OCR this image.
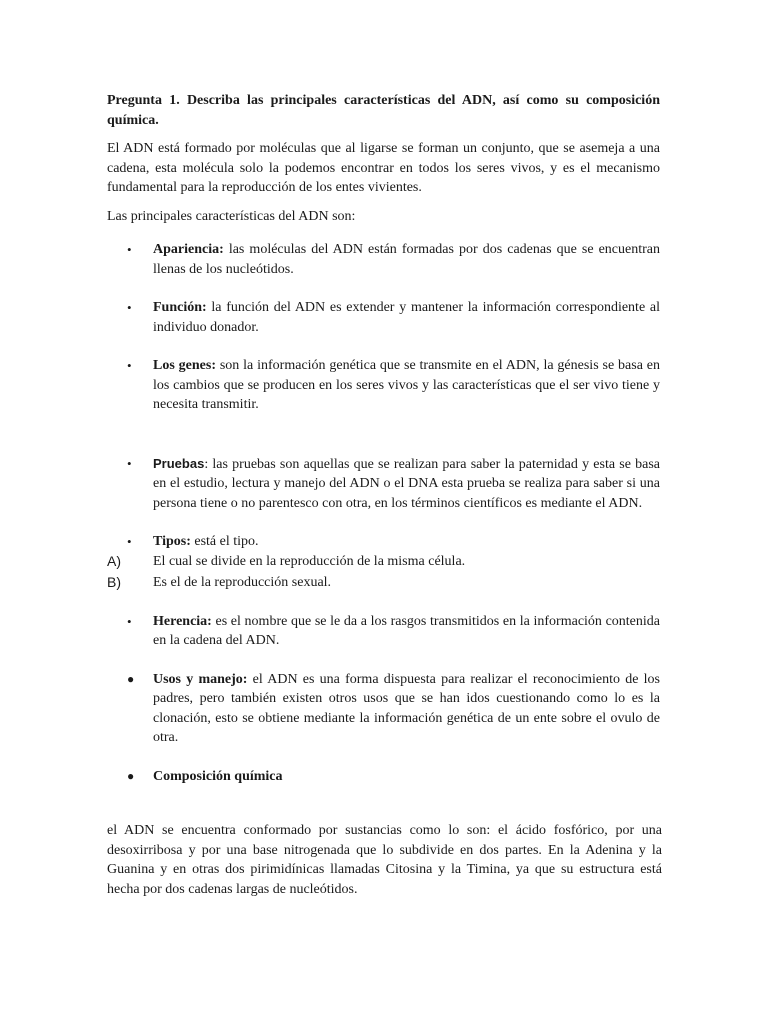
Pregunta 1. Describa las principales características del ADN, así como su composición química.

El ADN está formado por moléculas que al ligarse se forman un conjunto, que se asemeja a una cadena, esta molécula solo la podemos encontrar en todos los seres vivos, y es el mecanismo fundamental para la reproducción de los entes vivientes.

Las principales características del ADN son:

• Apariencia: las moléculas del ADN están formadas por dos cadenas que se encuentran llenas de los nucleótidos.
• Función: la función del ADN es extender y mantener la información correspondiente al individuo donador.
• Los genes: son la información genética que se transmite en el ADN, la génesis se basa en los cambios que se producen en los seres vivos y las características que el ser vivo tiene y necesita transmitir.
• Pruebas: las pruebas son aquellas que se realizan para saber la paternidad y esta se basa en el estudio, lectura y manejo del ADN o el DNA esta prueba se realiza para saber si una persona tiene o no parentesco con otra, en los términos científicos es mediante el ADN.
• Tipos: está el tipo.
A) El cual se divide en la reproducción de la misma célula.
B) Es el de la reproducción sexual.
• Herencia: es el nombre que se le da a los rasgos transmitidos en la información contenida en la cadena del ADN.
● Usos y manejo: el ADN es una forma dispuesta para realizar el reconocimiento de los padres, pero también existen otros usos que se han idos cuestionando como lo es la clonación, esto se obtiene mediante la información genética de un ente sobre el ovulo de otra.
● Composición química

el ADN se encuentra conformado por sustancias como lo son: el ácido fosfórico, por una desoxirribosa y por una base nitrogenada que lo subdivide en dos partes. En la Adenina y la Guanina y en otras dos pirimidínicas llamadas Citosina y la Timina, ya que su estructura está hecha por dos cadenas largas de nucleótidos.
